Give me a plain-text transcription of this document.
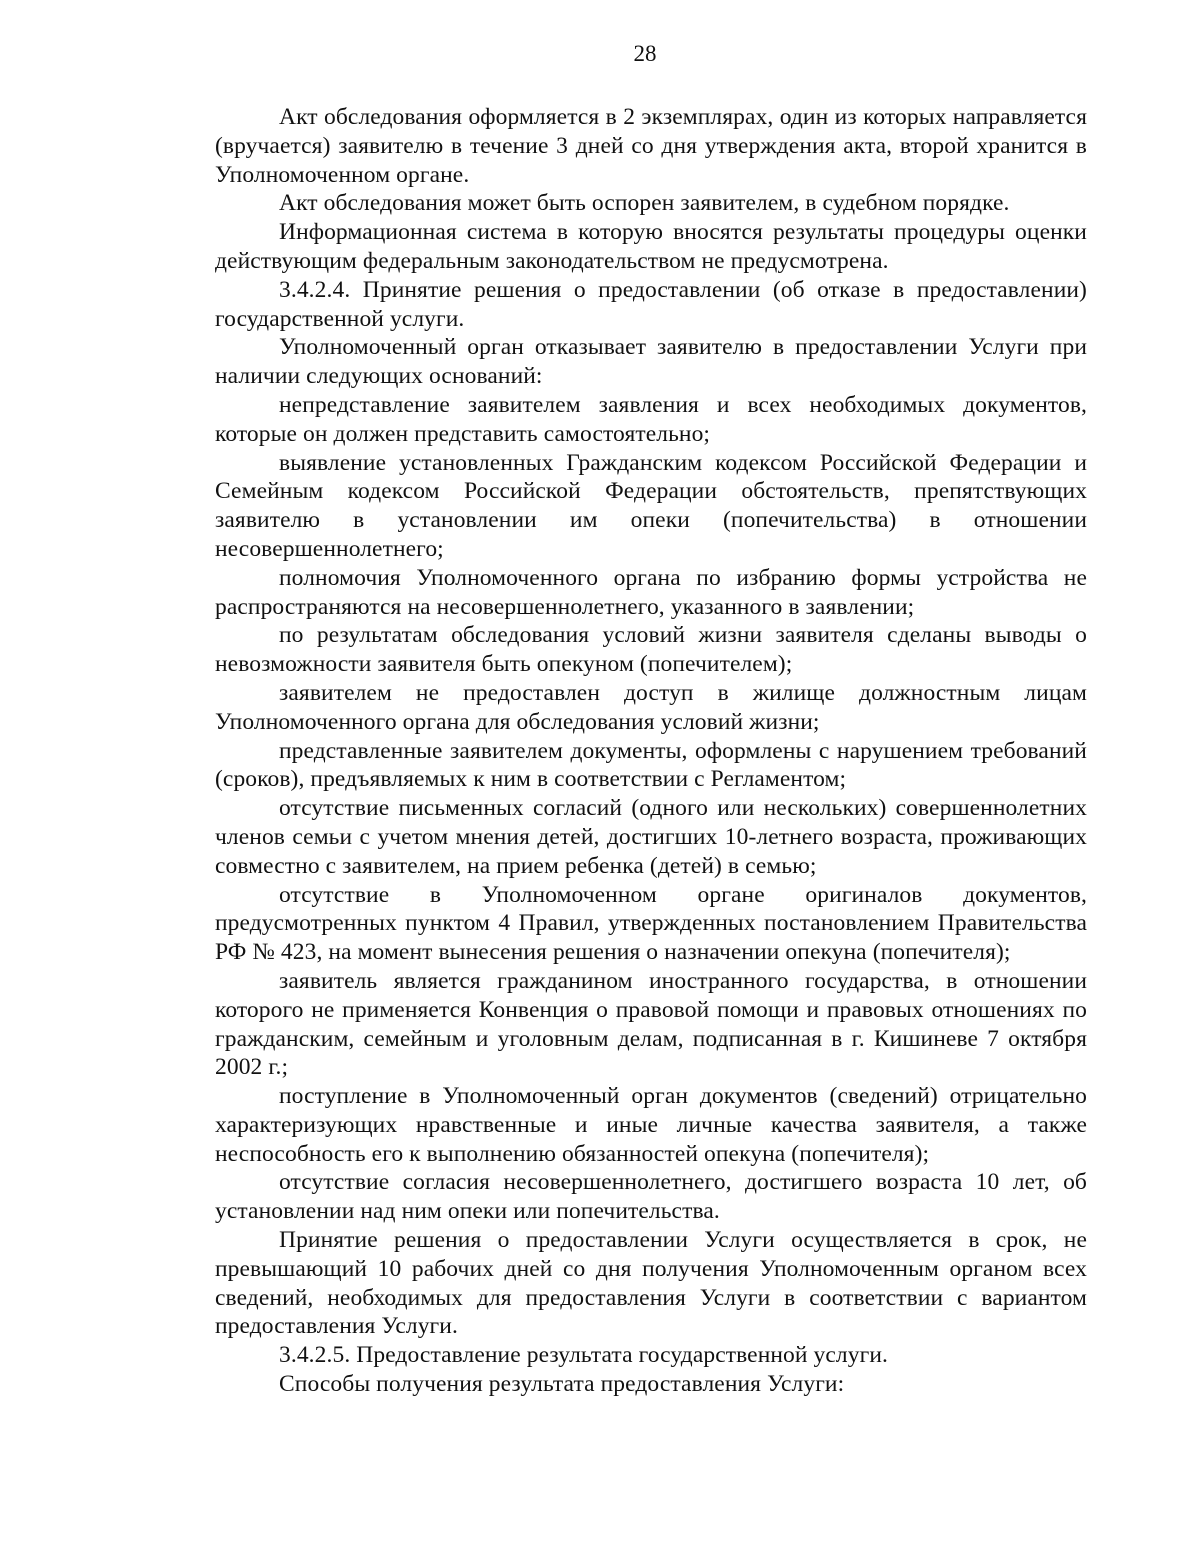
28

Акт обследования оформляется в 2 экземплярах, один из которых направляется (вручается) заявителю в течение 3 дней со дня утверждения акта, второй хранится в Уполномоченном органе.

Акт обследования может быть оспорен заявителем, в судебном порядке.

Информационная система в которую вносятся результаты процедуры оценки действующим федеральным законодательством не предусмотрена.

3.4.2.4. Принятие решения о предоставлении (об отказе в предоставлении) государственной услуги.

Уполномоченный орган отказывает заявителю в предоставлении Услуги при наличии следующих оснований:

непредставление заявителем заявления и всех необходимых документов, которые он должен представить самостоятельно;

выявление установленных Гражданским кодексом Российской Федерации и Семейным кодексом Российской Федерации обстоятельств, препятствующих заявителю в установлении им опеки (попечительства) в отношении несовершеннолетнего;

полномочия Уполномоченного органа по избранию формы устройства не распространяются на несовершеннолетнего, указанного в заявлении;

по результатам обследования условий жизни заявителя сделаны выводы о невозможности заявителя быть опекуном (попечителем);

заявителем не предоставлен доступ в жилище должностным лицам Уполномоченного органа для обследования условий жизни;

представленные заявителем документы, оформлены с нарушением требований (сроков), предъявляемых к ним в соответствии с Регламентом;

отсутствие письменных согласий (одного или нескольких) совершеннолетних членов семьи с учетом мнения детей, достигших 10-летнего возраста, проживающих совместно с заявителем, на прием ребенка (детей) в семью;

отсутствие в Уполномоченном органе оригиналов документов, предусмотренных пунктом 4 Правил, утвержденных постановлением Правительства РФ № 423, на момент вынесения решения о назначении опекуна (попечителя);

заявитель является гражданином иностранного государства, в отношении которого не применяется Конвенция о правовой помощи и правовых отношениях по гражданским, семейным и уголовным делам, подписанная в г. Кишиневе 7 октября 2002 г.;

поступление в Уполномоченный орган документов (сведений) отрицательно характеризующих нравственные и иные личные качества заявителя, а также неспособность его к выполнению обязанностей опекуна (попечителя);

отсутствие согласия несовершеннолетнего, достигшего возраста 10 лет, об установлении над ним опеки или попечительства.

Принятие решения о предоставлении Услуги осуществляется в срок, не превышающий 10 рабочих дней со дня получения Уполномоченным органом всех сведений, необходимых для предоставления Услуги в соответствии с вариантом предоставления Услуги.

3.4.2.5. Предоставление результата государственной услуги.

Способы получения результата предоставления Услуги:
